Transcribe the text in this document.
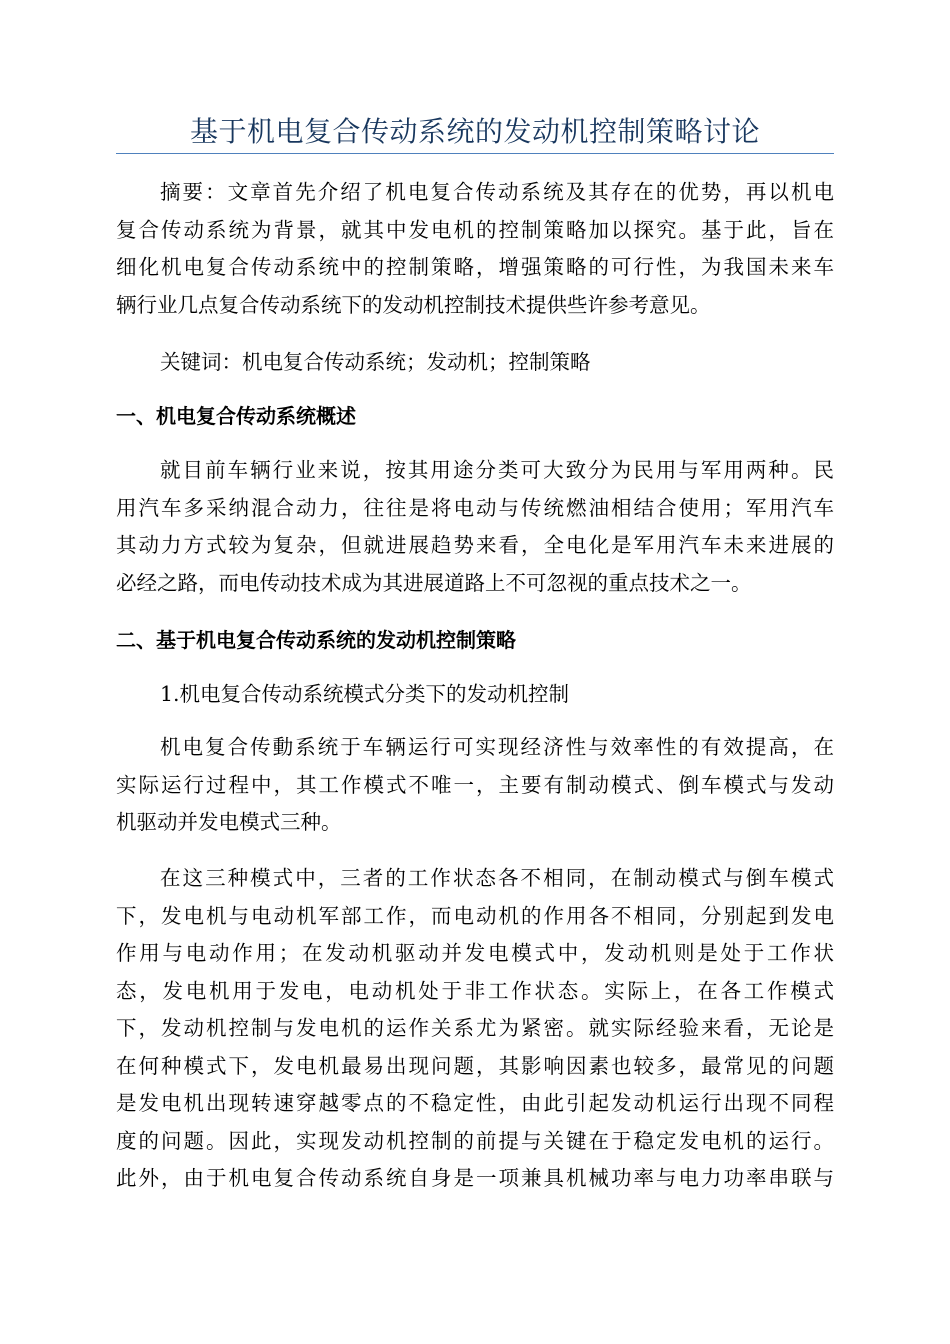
基于机电复合传动系统的发动机控制策略讨论
摘要：文章首先介绍了机电复合传动系统及其存在的优势，再以机电
复合传动系统为背景，就其中发电机的控制策略加以探究。基于此，旨在
细化机电复合传动系统中的控制策略，增强策略的可行性，为我国未来车
辆行业几点复合传动系统下的发动机控制技术提供些许参考意见。
关键词：机电复合传动系统；发动机；控制策略
一、机电复合传动系统概述
就目前车辆行业来说，按其用途分类可大致分为民用与军用两种。民
用汽车多采纳混合动力，往往是将电动与传统燃油相结合使用；军用汽车
其动力方式较为复杂，但就进展趋势来看，全电化是军用汽车未来进展的
必经之路，而电传动技术成为其进展道路上不可忽视的重点技术之一。
二、基于机电复合传动系统的发动机控制策略
1.机电复合传动系统模式分类下的发动机控制
机电复合传動系统于车辆运行可实现经济性与效率性的有效提高，在
实际运行过程中，其工作模式不唯一，主要有制动模式、倒车模式与发动
机驱动并发电模式三种。
在这三种模式中，三者的工作状态各不相同，在制动模式与倒车模式
下，发电机与电动机军部工作，而电动机的作用各不相同，分别起到发电
作用与电动作用；在发动机驱动并发电模式中，发动机则是处于工作状
态，发电机用于发电，电动机处于非工作状态。实际上，在各工作模式
下，发动机控制与发电机的运作关系尤为紧密。就实际经验来看，无论是
在何种模式下，发电机最易出现问题，其影响因素也较多，最常见的问题
是发电机出现转速穿越零点的不稳定性，由此引起发动机运行出现不同程
度的问题。因此，实现发动机控制的前提与关键在于稳定发电机的运行。
此外，由于机电复合传动系统自身是一项兼具机械功率与电力功率串联与
